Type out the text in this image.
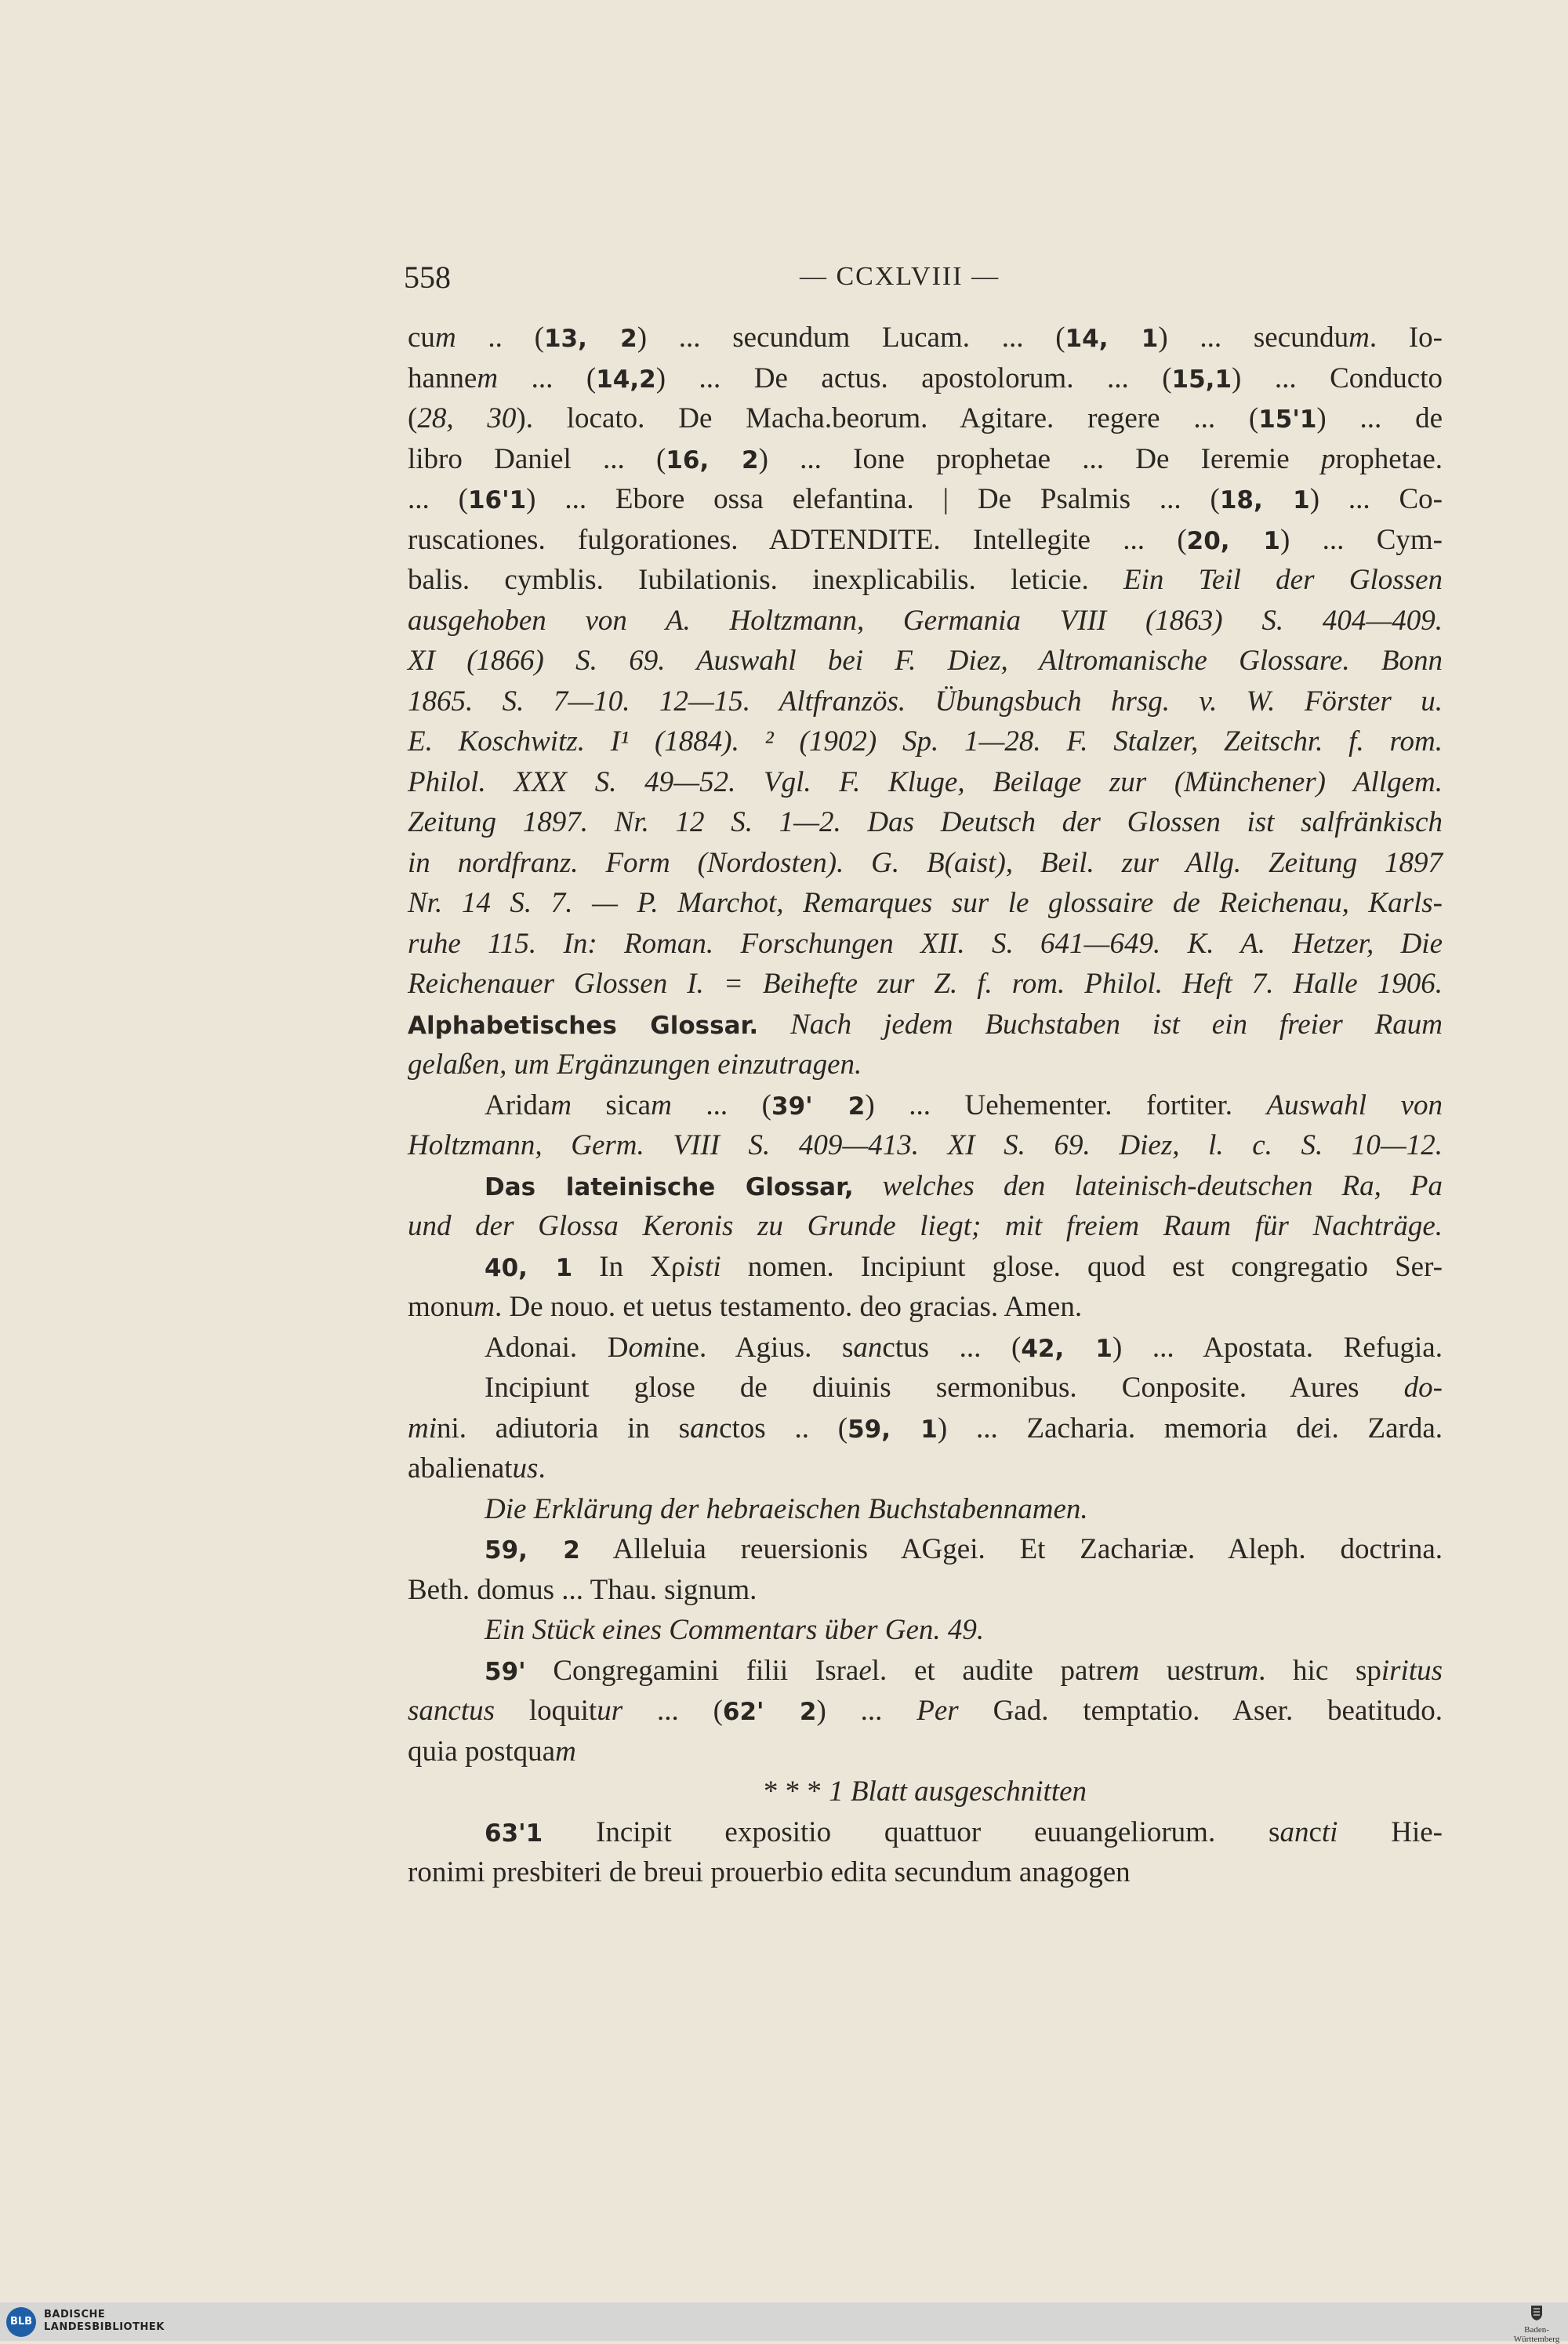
558	— CCXLVIII —
cum .. (13, 2) ... secundum Lucam. ... (14, 1) ... secundum. Io-
hannem ... (14,2) ... De actus. apostolorum. ... (15,1) ... Conducto
(28, 30). locato. De Macha.beorum. Agitare. regere ... (15'1) ... de
libro Daniel ... (16, 2) ... Ione prophetae ... De Ieremie prophetae.
... (16'1) ... Ebore ossa elefantina. | De Psalmis ... (18, 1) ... Co-
ruscationes. fulgorationes. ADTENDITE. Intellegite ... (20, 1) ... Cym-
balis. cymblis. Iubilationis. inexplicabilis. leticie. Ein Teil der Glossen
ausgehoben von A. Holtzmann, Germania VIII (1863) S. 404—409.
XI (1866) S. 69. Auswahl bei F. Diez, Altromanische Glossare. Bonn
1865. S. 7—10. 12—15. Altfranzös. Übungsbuch hrsg. v. W. Förster u.
E. Koschwitz. I¹ (1884). ² (1902) Sp. 1—28. F. Stalzer, Zeitschr. f. rom.
Philol. XXX S. 49—52. Vgl. F. Kluge, Beilage zur (Münchener) Allgem.
Zeitung 1897. Nr. 12 S. 1—2. Das Deutsch der Glossen ist salfränkisch
in nordfranz. Form (Nordosten). G. B(aist), Beil. zur Allg. Zeitung 1897
Nr. 14 S. 7. — P. Marchot, Remarques sur le glossaire de Reichenau, Karls-
ruhe 115. In: Roman. Forschungen XII. S. 641—649. K. A. Hetzer, Die
Reichenauer Glossen I. = Beihefte zur Z. f. rom. Philol. Heft 7. Halle 1906.
Alphabetisches Glossar. Nach jedem Buchstaben ist ein freier Raum
gelaßen, um Ergänzungen einzutragen.
Aridam sicam ... (39' 2) ... Uehementer. fortiter. Auswahl von
Holtzmann, Germ. VIII S. 409—413. XI S. 69. Diez, l. c. S. 10—12.
Das lateinische Glossar, welches den lateinisch-deutschen Ra, Pa
und der Glossa Keronis zu Grunde liegt; mit freiem Raum für Nachträge.
40, 1 In Xρisti nomen. Incipiunt glose. quod est congregatio Ser-
monum. De nouo. et uetus testamento. deo gracias. Amen.
Adonai. Domine. Agius. sanctus ... (42, 1) ... Apostata. Refugia.
Incipiunt glose de diuinis sermonibus. Conposite. Aures do-
mini. adiutoria in sanctos .. (59, 1) ... Zacharia. memoria dei. Zarda.
abalienatus.
Die Erklärung der hebraeischen Buchstabennamen.
59, 2 Alleluia reuersionis AGgei. Et Zachariæ. Aleph. doctrina.
Beth. domus ... Thau. signum.
Ein Stück eines Commentars über Gen. 49.
59' Congregamini filii Israel. et audite patrem uestrum. hic spiritus
sanctus loquitur ... (62' 2) ... Per Gad. temptatio. Aser. beatitudo.
quia postquam
* * * 1 Blatt ausgeschnitten
63'1 Incipit expositio quattuor euuangeliorum. sancti Hie-
ronimi presbiteri de breui prouerbio edita secundum anagogen
BLB
BADISCHE
LANDESBIBLIOTHEK	Baden-Württemberg
